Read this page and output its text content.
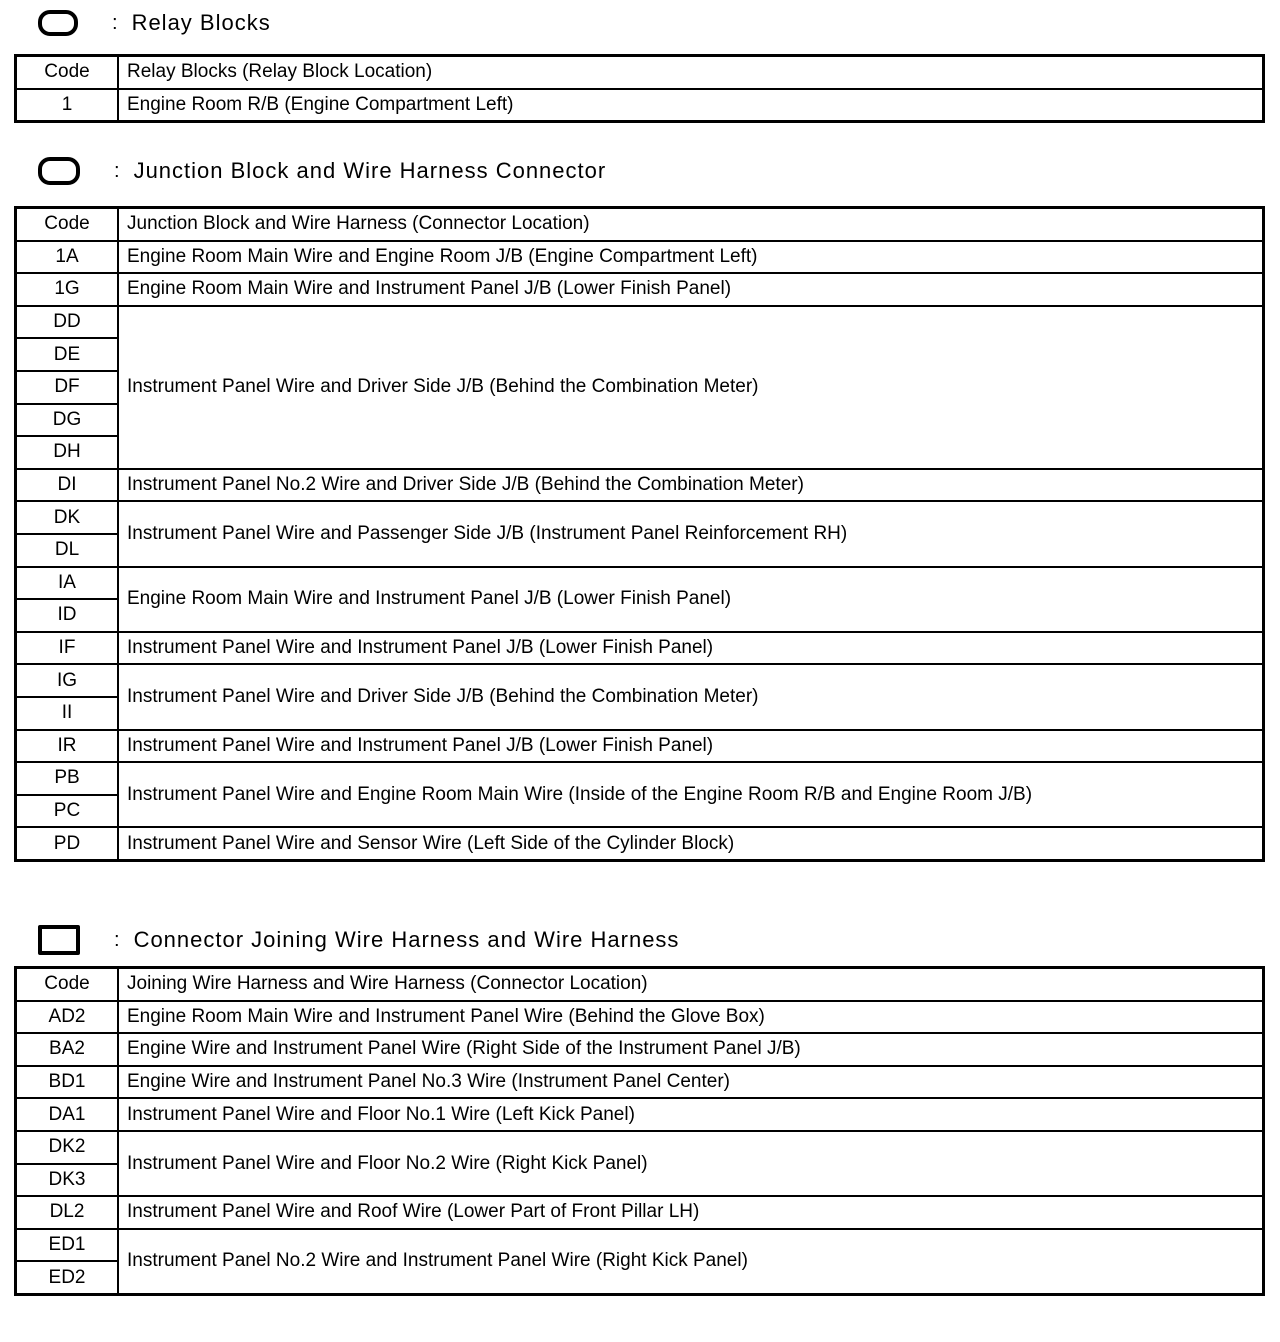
: Relay Blocks
Code	Relay Blocks (Relay Block Location)
1	Engine Room R/B (Engine Compartment Left)
: Junction Block and Wire Harness Connector
Code	Junction Block and Wire Harness (Connector Location)
1A	Engine Room Main Wire and Engine Room J/B (Engine Compartment Left)
1G	Engine Room Main Wire and Instrument Panel J/B (Lower Finish Panel)
DD	Instrument Panel Wire and Driver Side J/B (Behind the Combination Meter)
DE	
DF	
DG	
DH	
DI	Instrument Panel No.2 Wire and Driver Side J/B (Behind the Combination Meter)
DK	Instrument Panel Wire and Passenger Side J/B (Instrument Panel Reinforcement RH)
DL	
IA	Engine Room Main Wire and Instrument Panel J/B (Lower Finish Panel)
ID	
IF	Instrument Panel Wire and Instrument Panel J/B (Lower Finish Panel)
IG	Instrument Panel Wire and Driver Side J/B (Behind the Combination Meter)
II	
IR	Instrument Panel Wire and Instrument Panel J/B (Lower Finish Panel)
PB	Instrument Panel Wire and Engine Room Main Wire (Inside of the Engine Room R/B and Engine Room J/B)
PC	
PD	Instrument Panel Wire and Sensor Wire (Left Side of the Cylinder Block)
: Connector Joining Wire Harness and Wire Harness
Code	Joining Wire Harness and Wire Harness (Connector Location)
AD2	Engine Room Main Wire and Instrument Panel Wire (Behind the Glove Box)
BA2	Engine Wire and Instrument Panel Wire (Right Side of the Instrument Panel J/B)
BD1	Engine Wire and Instrument Panel No.3 Wire (Instrument Panel Center)
DA1	Instrument Panel Wire and Floor No.1 Wire (Left Kick Panel)
DK2	Instrument Panel Wire and Floor No.2 Wire (Right Kick Panel)
DK3	
DL2	Instrument Panel Wire and Roof Wire (Lower Part of Front Pillar LH)
ED1	Instrument Panel No.2 Wire and Instrument Panel Wire (Right Kick Panel)
ED2	
